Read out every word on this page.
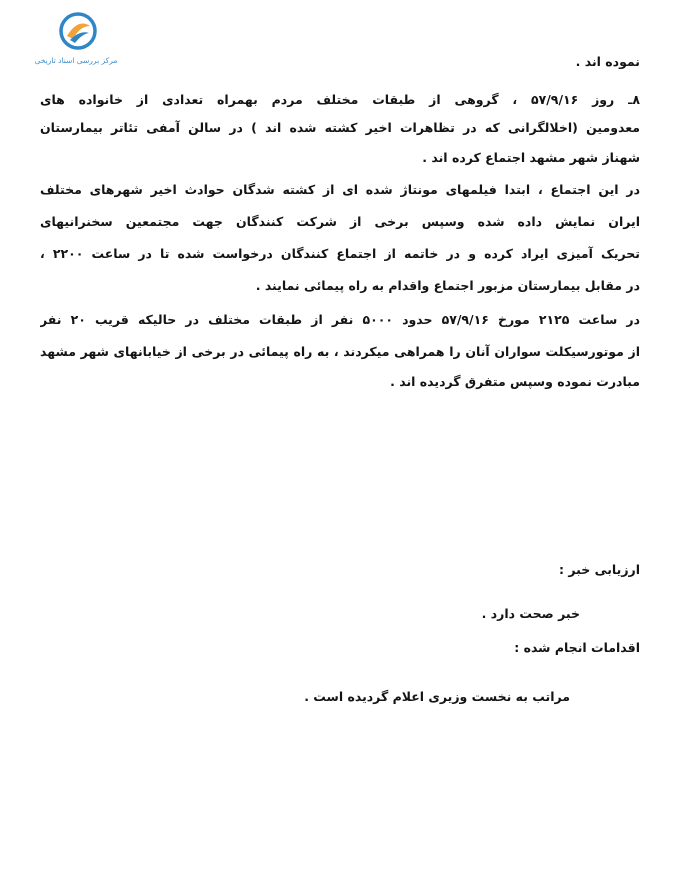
مرکز بررسی اسناد تاریخی	نموده اند .
۸ـ روز ۵۷/۹/۱۶ ، گروهی از طبقات مختلف مردم بهمراه تعدادی از خانواده های
معدومین (اخلالگرانی که در تظاهرات اخیر کشته شده اند ) در سالن آمفی تئاتر بیمارستان
شهناز شهر مشهد اجتماع کرده اند .
در این اجتماع ، ابتدا فیلمهای مونتاژ شده ای از کشته شدگان حوادث اخیر شهرهای مختلف
ایران نمایش داده شده وسپس برخی از شرکت کنندگان جهت مجتمعین سخنرانیهای
تحریک آمیزی ایراد کرده و در خاتمه از اجتماع کنندگان درخواست شده تا در ساعت ۲۲۰۰ ،
در مقابل بیمارستان مزبور اجتماع واقدام به راه پیمائی نمایند .
در ساعت ۲۱۲۵ مورخ ۵۷/۹/۱۶ حدود ۵۰۰۰ نفر از طبقات مختلف در حالیکه قریب ۲۰ نفر
از موتورسیکلت سواران آنان را همراهی میکردند ، به راه پیمائی در برخی از خیابانهای شهر مشهد
مبادرت نموده وسپس متفرق گردیده اند .
ارزیابی خبر :
خبر صحت دارد .
اقدامات انجام شده :
مراتب به نخست وزیری اعلام گردیده است .
